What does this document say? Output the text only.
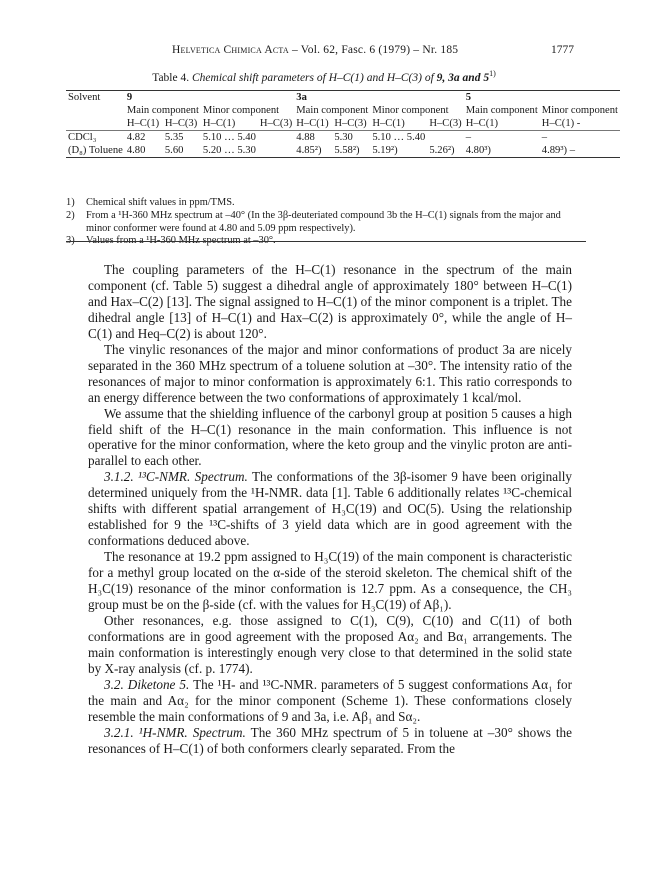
Helvetica Chimica Acta – Vol. 62, Fasc. 6 (1979) – Nr. 185	1777
Table 4. Chemical shift parameters of H–C(1) and H–C(3) of 9, 3a and 5$^{1)}$
Solvent	9				3a				5	
	Main component		Minor component		Main component		Minor component		Main component	Minor component
	H–C(1)	H–C(3)	H–C(1)	H–C(3)	H–C(1)	H–C(3)	H–C(1)	H–C(3)	H–C(1)	H–C(1) -
CDCl₃	4.82	5.35	5.10 … 5.40		4.88	5.30	5.10 … 5.40		–	–
(D₈) Toluene	4.80	5.60	5.20 … 5.30		4.85²)	5.58²)	5.19²)	5.26²)	4.80³)	4.89³) –
1)	Chemical shift values in ppm/TMS.
2)	From a ¹H-360 MHz spectrum at –40° (In the 3β-deuteriated compound 3b the H–C(1) signals from the major and minor conformer were found at 4.80 and 5.09 ppm respectively).
3)	Values from a ¹H-360 MHz spectrum at –30°.

The coupling parameters of the H–C(1) resonance in the spectrum of the main component (cf. Table 5) suggest a dihedral angle of approximately 180° between H–C(1) and Hax–C(2) [13]. The signal assigned to H–C(1) of the minor component is a triplet. The dihedral angle [13] of H–C(1) and Hax–C(2) is approximately 0°, while the angle of H–C(1) and Heq–C(2) is about 120°.

The vinylic resonances of the major and minor conformations of product 3a are nicely separated in the 360 MHz spectrum of a toluene solution at –30°. The intensity ratio of the resonances of major to minor conformation is approximately 6:1. This ratio corresponds to an energy difference between the two conformations of approximately 1 kcal/mol.

We assume that the shielding influence of the carbonyl group at position 5 causes a high field shift of the H–C(1) resonance in the main conformation. This influence is not operative for the minor conformation, where the keto group and the vinylic proton are anti-parallel to each other.

3.1.2. ¹³C-NMR. Spectrum. The conformations of the 3β-isomer 9 have been originally determined uniquely from the ¹H-NMR. data [1]. Table 6 additionally relates ¹³C-chemical shifts with different spatial arrangement of H₃C(19) and OC(5). Using the relationship established for 9 the ¹³C-shifts of 3 yield data which are in good agreement with the conformations deduced above.

The resonance at 19.2 ppm assigned to H₃C(19) of the main component is characteristic for a methyl group located on the α-side of the steroid skeleton. The chemical shift of the H₃C(19) resonance of the minor conformation is 12.7 ppm. As a consequence, the CH₃ group must be on the β-side (cf. with the values for H₃C(19) of Aβ₁).

Other resonances, e.g. those assigned to C(1), C(9), C(10) and C(11) of both conformations are in good agreement with the proposed Aα₂ and Bα₁ arrangements. The main conformation is interestingly enough very close to that determined in the solid state by X-ray analysis (cf. p. 1774).

3.2. Diketone 5. The ¹H- and ¹³C-NMR. parameters of 5 suggest conformations Aα₁ for the main and Aα₂ for the minor component (Scheme 1). These conformations closely resemble the main conformations of 9 and 3a, i.e. Aβ₁ and Sα₂.

3.2.1. ¹H-NMR. Spectrum. The 360 MHz spectrum of 5 in toluene at –30° shows the resonances of H–C(1) of both conformers clearly separated. From the
